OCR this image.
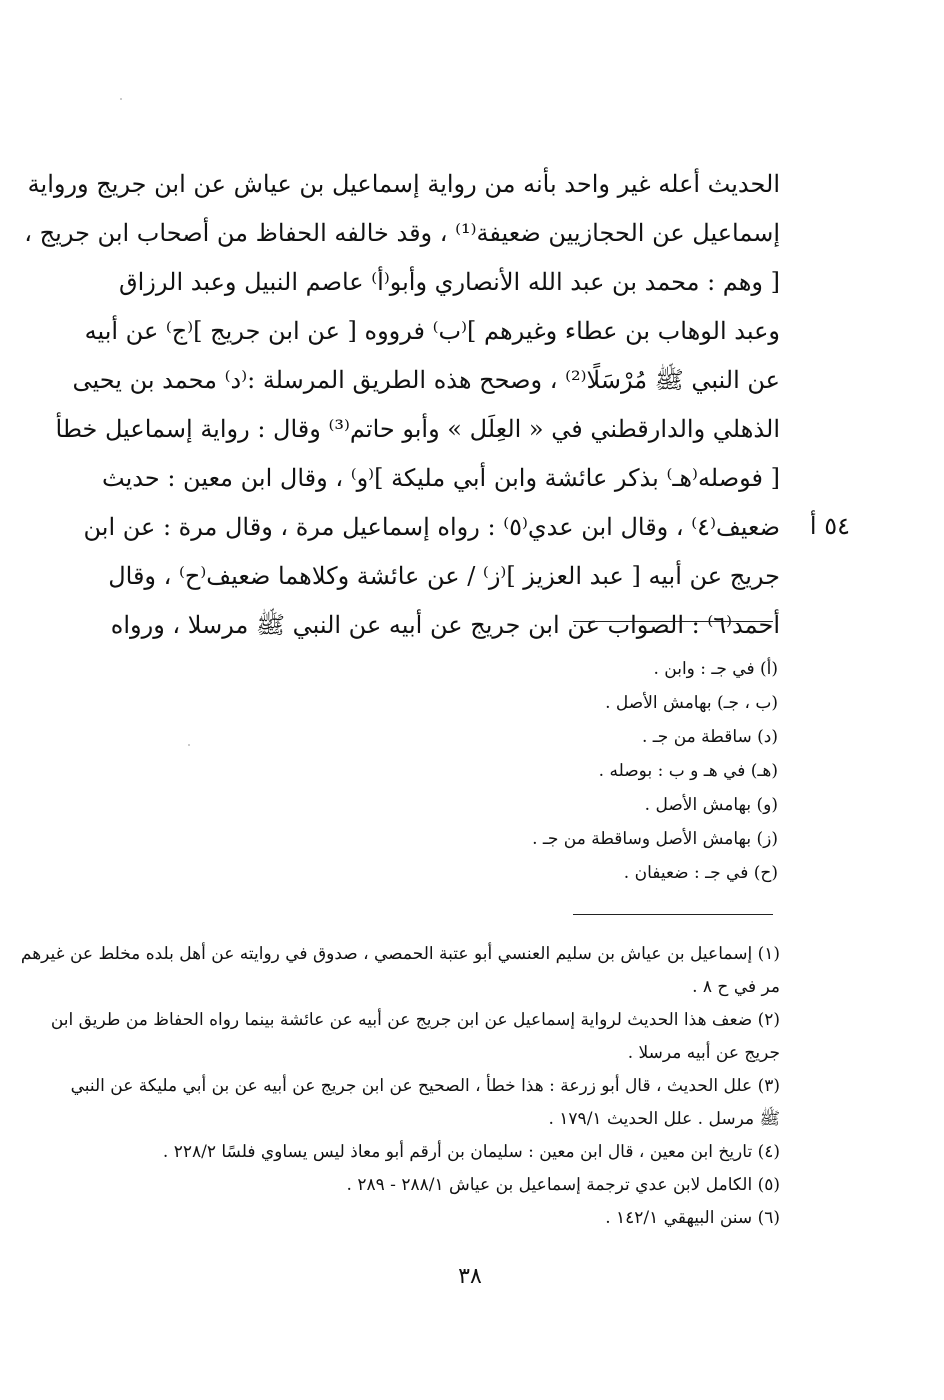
الحديث أعله غير واحد بأنه من رواية إسماعيل بن عياش عن ابن جريج ورواية
إسماعيل عن الحجازيين ضعيفة⁽¹⁾ ، وقد خالفه الحفاظ من أصحاب ابن جريج ،
[ وهم : محمد بن عبد الله الأنصاري وأبو⁽أ⁾ عاصم النبيل وعبد الرزاق
وعبد الوهاب بن عطاء وغيرهم ]⁽ب⁾ فرووه [ عن ابن جريج ]⁽ج⁾ عن أبيه
عن النبي ﷺ مُرْسَلًا⁽²⁾ ، وصحح هذه الطريق المرسلة :⁽د⁾ محمد بن يحيى
الذهلي والدارقطني في « العِلَل » وأبو حاتم⁽³⁾ وقال : رواية إسماعيل خطأ
[ فوصله⁽هـ⁾ بذكر عائشة وابن أبي مليكة ]⁽و⁾ ، وقال ابن معين : حديث
ضعيف⁽٤⁾ ، وقال ابن عدي⁽٥⁾ : رواه إسماعيل مرة ، وقال مرة : عن ابن
جريج عن أبيه [ عبد العزيز ]⁽ز⁾ / عن عائشة وكلاهما ضعيف⁽ح⁾ ، وقال
أحمد⁽٦⁾ : الصواب عن ابن جريج عن أبيه عن النبي ﷺ مرسلا ، ورواه
٥٤ أ
(أ) في جـ : وابن .
(ب ، جـ) بهامش الأصل .
(د) ساقطة من جـ .
(هـ) في هـ و ب : بوصله .
(و) بهامش الأصل .
(ز) بهامش الأصل وساقطة من جـ .
(ح) في جـ : ضعيفان .
(١) إسماعيل بن عياش بن سليم العنسي أبو عتبة الحمصي ، صدوق في روايته عن أهل بلده مخلط عن غيرهم
مر في ح ٨ .
(٢) ضعف هذا الحديث لرواية إسماعيل عن ابن جريج عن أبيه عن عائشة بينما رواه الحفاظ من طريق ابن
جريج عن أبيه مرسلا .
(٣) علل الحديث ، قال أبو زرعة : هذا خطأ ، الصحيح عن ابن جريج عن أبيه عن بن أبي مليكة عن النبي
ﷺ مرسل . علل الحديث ١٧٩/١ .
(٤) تاريخ ابن معين ، قال ابن معين : سليمان بن أرقم أبو معاذ ليس يساوي فلسًا ٢٢٨/٢ .
(٥) الكامل لابن عدي ترجمة إسماعيل بن عياش ٢٨٨/١ - ٢٨٩ .
(٦) سنن البيهقي ١٤٢/١ .
٣٨
